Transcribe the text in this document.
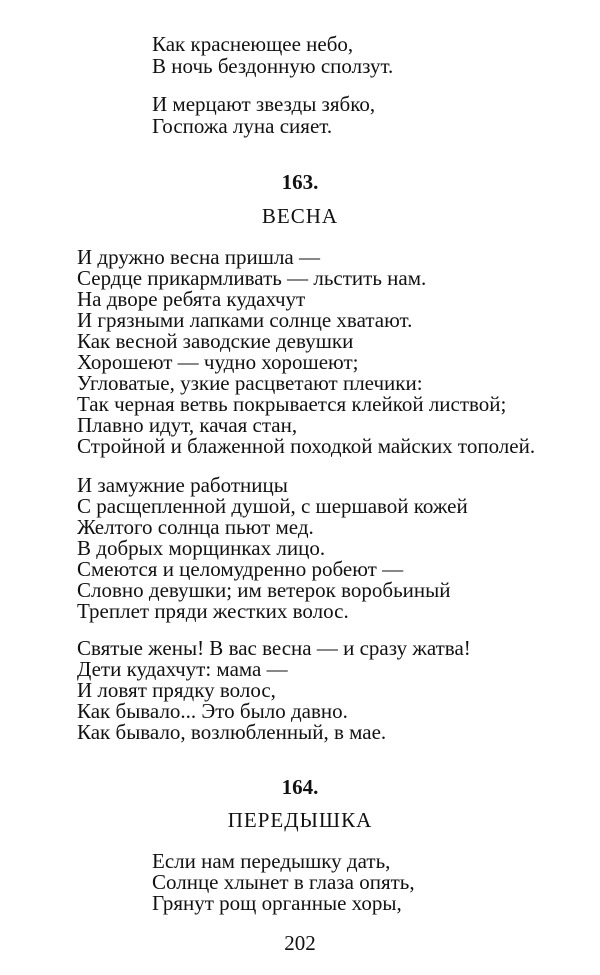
Как краснеющее небо,
В ночь бездонную сползут.
И мерцают звезды зябко,
Госпожа луна сияет.
163.
ВЕСНА
И дружно весна пришла —
Сердце прикармливать — льстить нам.
На дворе ребята кудахчут
И грязными лапками солнце хватают.
Как весной заводские девушки
Хорошеют — чудно хорошеют;
Угловатые, узкие расцветают плечики:
Так черная ветвь покрывается клейкой листвой;
Плавно идут, качая стан,
Стройной и блаженной походкой майских тополей.
И замужние работницы
С расщепленной душой, с шершавой кожей
Желтого солнца пьют мед.
В добрых морщинках лицо.
Смеются и целомудренно робеют —
Словно девушки; им ветерок воробьиный
Треплет пряди жестких волос.
Святые жены! В вас весна — и сразу жатва!
Дети кудахчут: мама —
И ловят прядку волос,
Как бывало... Это было давно.
Как бывало, возлюбленный, в мае.
164.
ПЕРЕДЫШКА
Если нам передышку дать,
Солнце хлынет в глаза опять,
Грянут рощ органные хоры,
202
